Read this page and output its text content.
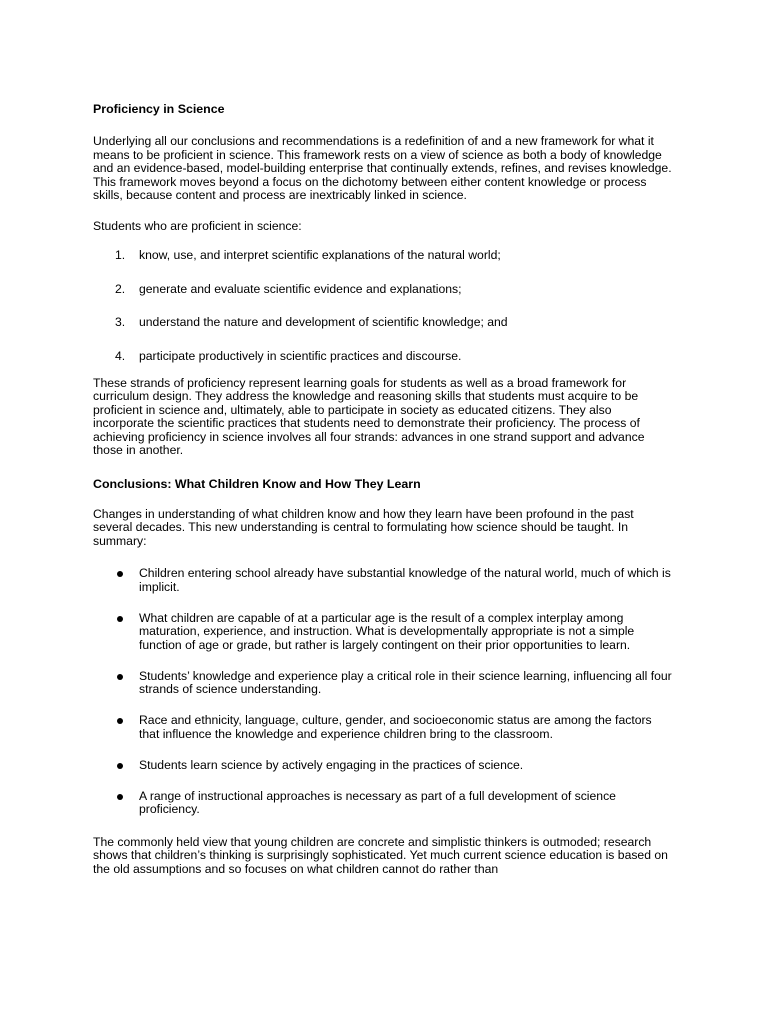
Proficiency in Science

Underlying all our conclusions and recommendations is a redefinition of and a new framework for what it means to be proficient in science. This framework rests on a view of science as both a body of knowledge and an evidence-based, model-building enterprise that continually extends, refines, and revises knowledge. This framework moves beyond a focus on the dichotomy between either content knowledge or process skills, because content and process are inextricably linked in science.

Students who are proficient in science:

1. know, use, and interpret scientific explanations of the natural world;
2. generate and evaluate scientific evidence and explanations;
3. understand the nature and development of scientific knowledge; and
4. participate productively in scientific practices and discourse.

These strands of proficiency represent learning goals for students as well as a broad framework for curriculum design. They address the knowledge and reasoning skills that students must acquire to be proficient in science and, ultimately, able to participate in society as educated citizens. They also incorporate the scientific practices that students need to demonstrate their proficiency. The process of achieving proficiency in science involves all four strands: advances in one strand support and advance those in another.

Conclusions: What Children Know and How They Learn

Changes in understanding of what children know and how they learn have been profound in the past several decades. This new understanding is central to formulating how science should be taught. In summary:

Children entering school already have substantial knowledge of the natural world, much of which is implicit.
What children are capable of at a particular age is the result of a complex interplay among maturation, experience, and instruction. What is developmentally appropriate is not a simple function of age or grade, but rather is largely contingent on their prior opportunities to learn.
Students’ knowledge and experience play a critical role in their science learning, influencing all four strands of science understanding.
Race and ethnicity, language, culture, gender, and socioeconomic status are among the factors that influence the knowledge and experience children bring to the classroom.
Students learn science by actively engaging in the practices of science.
A range of instructional approaches is necessary as part of a full development of science proficiency.

The commonly held view that young children are concrete and simplistic thinkers is outmoded; research shows that children’s thinking is surprisingly sophisticated. Yet much current science education is based on the old assumptions and so focuses on what children cannot do rather than
